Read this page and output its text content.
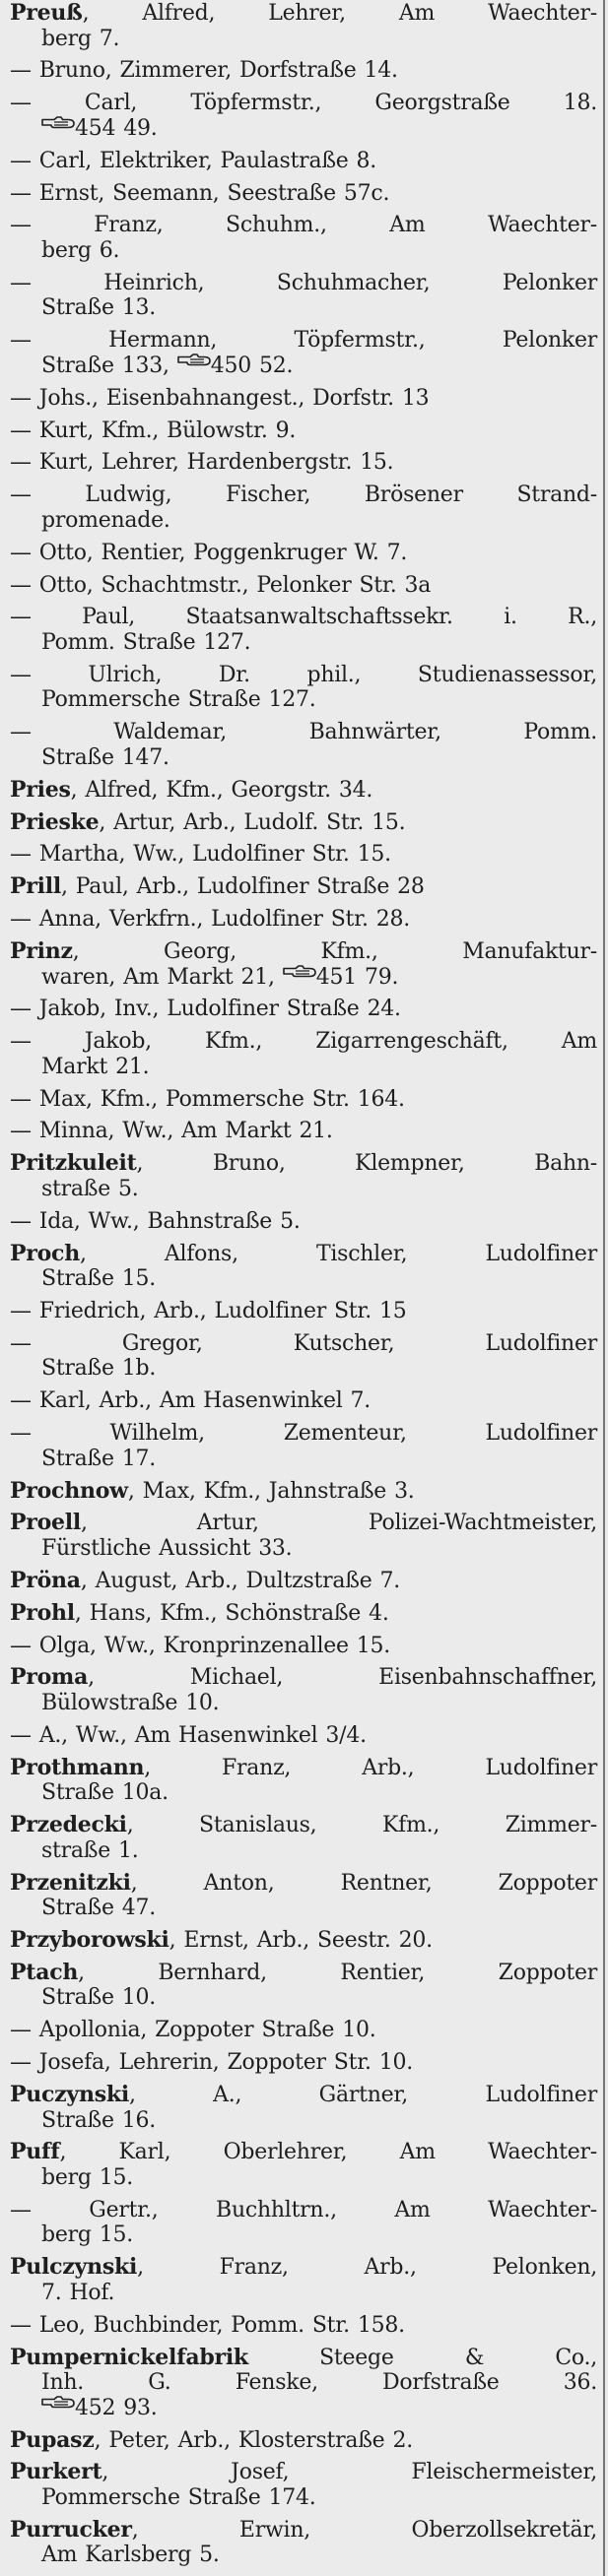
Preuß, Alfred, Lehrer, Am Waechter-
berg 7.
— Bruno, Zimmerer, Dorfstraße 14.
— Carl, Töpfermstr., Georgstraße 18.
454 49.
— Carl, Elektriker, Paulastraße 8.
— Ernst, Seemann, Seestraße 57c.
—	Franz,	Schuhm.,	Am	Waechter-
berg 6.
—	Heinrich,	Schuhmacher,	Pelonker
Straße 13.
—	Hermann,	Töpfermstr.,	Pelonker
Straße 133, 450 52.
— Johs., Eisenbahnangest., Dorfstr. 13
— Kurt, Kfm., Bülowstr. 9.
— Kurt, Lehrer, Hardenbergstr. 15.
— Ludwig, Fischer, Brösener Strand-
promenade.
— Otto, Rentier, Poggenkruger W. 7.
— Otto, Schachtmstr., Pelonker Str. 3a
— Paul, Staatsanwaltschaftssekr. i. R.,
Pomm. Straße 127.
—	Ulrich,	Dr.	phil.,	Studienassessor,
Pommersche Straße 127.
—	Waldemar,	Bahnwärter,	Pomm.
Straße 147.
Pries, Alfred, Kfm., Georgstr. 34.
Prieske, Artur, Arb., Ludolf. Str. 15.
— Martha, Ww., Ludolfiner Str. 15.
Prill, Paul, Arb., Ludolfiner Straße 28
— Anna, Verkfrn., Ludolfiner Str. 28.
Prinz,	Georg,	Kfm.,	Manufaktur-
waren, Am Markt 21, 451 79.
— Jakob, Inv., Ludolfiner Straße 24.
— Jakob, Kfm., Zigarrengeschäft, Am
Markt 21.
— Max, Kfm., Pommersche Str. 164.
— Minna, Ww., Am Markt 21.
Pritzkuleit,	Bruno,	Klempner,	Bahn-
straße 5.
— Ida, Ww., Bahnstraße 5.
Proch,	Alfons,	Tischler,	Ludolfiner
Straße 15.
— Friedrich, Arb., Ludolfiner Str. 15
—	Gregor,	Kutscher,	Ludolfiner
Straße 1b.
— Karl, Arb., Am Hasenwinkel 7.
—	Wilhelm,	Zementeur,	Ludolfiner
Straße 17.
Prochnow, Max, Kfm., Jahnstraße 3.
Proell,	Artur,	Polizei-Wachtmeister,
Fürstliche Aussicht 33.
Pröna, August, Arb., Dultzstraße 7.
Prohl, Hans, Kfm., Schönstraße 4.
— Olga, Ww., Kronprinzenallee 15.
Proma,	Michael,	Eisenbahnschaffner,
Bülowstraße 10.
— A., Ww., Am Hasenwinkel 3/4.
Prothmann,	Franz,	Arb.,	Ludolfiner
Straße 10a.
Przedecki,	Stanislaus,	Kfm.,	Zimmer-
straße 1.
Przenitzki,	Anton,	Rentner,	Zoppoter
Straße 47.
Przyborowski, Ernst, Arb., Seestr. 20.
Ptach,	Bernhard,	Rentier,	Zoppoter
Straße 10.
— Apollonia, Zoppoter Straße 10.
— Josefa, Lehrerin, Zoppoter Str. 10.
Puczynski,	A.,	Gärtner,	Ludolfiner
Straße 16.
Puff, Karl, Oberlehrer, Am Waechter-
berg 15.
—	Gertr.,	Buchhltrn.,	Am	Waechter-
berg 15.
Pulczynski,	Franz,	Arb.,	Pelonken,
7. Hof.
— Leo, Buchbinder, Pomm. Str. 158.
Pumpernickelfabrik	Steege	&	Co.,
Inh.	G.	Fenske,	Dorfstraße	36.
452 93.
Pupasz, Peter, Arb., Klosterstraße 2.
Purkert,	Josef,	Fleischermeister,
Pommersche Straße 174.
Purrucker,	Erwin,	Oberzollsekretär,
Am Karlsberg 5.
